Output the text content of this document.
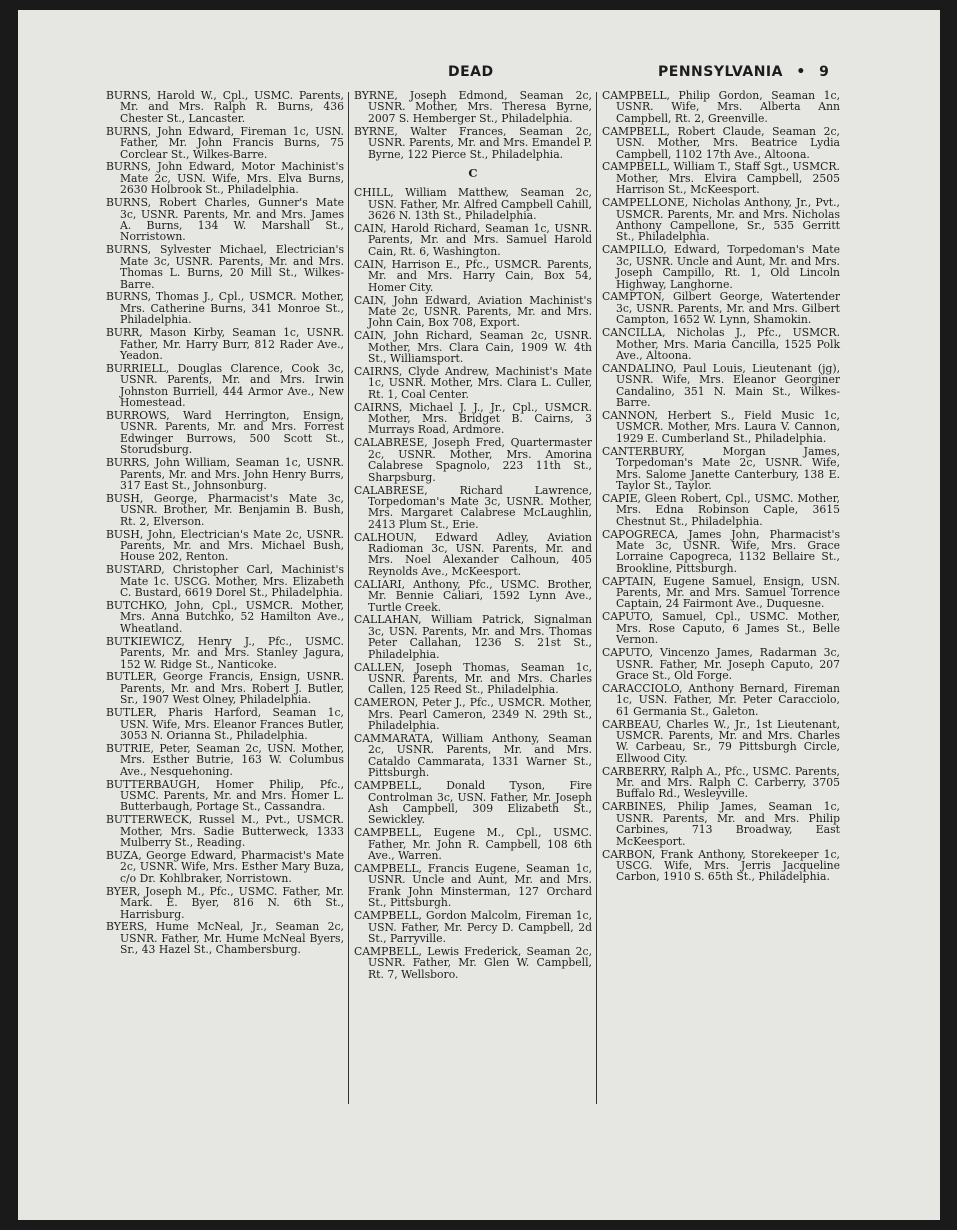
DEAD	PENNSYLVANIA • 9

BURNS, Harold W., Cpl., USMC. Parents, Mr. and Mrs. Ralph R. Burns, 436 Chester St., Lancaster.

BURNS, John Edward, Fireman 1c, USN. Father, Mr. John Francis Burns, 75 Corclear St., Wilkes-Barre.

BURNS, John Edward, Motor Machinist's Mate 2c, USN. Wife, Mrs. Elva Burns, 2630 Holbrook St., Philadelphia.

BURNS, Robert Charles, Gunner's Mate 3c, USNR. Parents, Mr. and Mrs. James A. Burns, 134 W. Marshall St., Norristown.

BURNS, Sylvester Michael, Electrician's Mate 3c, USNR. Parents, Mr. and Mrs. Thomas L. Burns, 20 Mill St., Wilkes-Barre.

BURNS, Thomas J., Cpl., USMCR. Mother, Mrs. Catherine Burns, 341 Monroe St., Philadelphia.

BURR, Mason Kirby, Seaman 1c, USNR. Father, Mr. Harry Burr, 812 Rader Ave., Yeadon.

BURRIELL, Douglas Clarence, Cook 3c, USNR. Parents, Mr. and Mrs. Irwin Johnston Burriell, 444 Armor Ave., New Homestead.

BURROWS, Ward Herrington, Ensign, USNR. Parents, Mr. and Mrs. Forrest Edwinger Burrows, 500 Scott St., Storudsburg.

BURRS, John William, Seaman 1c, USNR. Parents, Mr. and Mrs. John Henry Burrs, 317 East St., Johnsonburg.

BUSH, George, Pharmacist's Mate 3c, USNR. Brother, Mr. Benjamin B. Bush, Rt. 2, Elverson.

BUSH, John, Electrician's Mate 2c, USNR. Parents, Mr. and Mrs. Michael Bush, House 202, Renton.

BUSTARD, Christopher Carl, Machinist's Mate 1c. USCG. Mother, Mrs. Elizabeth C. Bustard, 6619 Dorel St., Philadelphia.

BUTCHKO, John, Cpl., USMCR. Mother, Mrs. Anna Butchko, 52 Hamilton Ave., Wheatland.

BUTKIEWICZ, Henry J., Pfc., USMC. Parents, Mr. and Mrs. Stanley Jagura, 152 W. Ridge St., Nanticoke.

BUTLER, George Francis, Ensign, USNR. Parents, Mr. and Mrs. Robert J. Butler, Sr., 1907 West Olney, Philadelphia.

BUTLER, Pharis Harford, Seaman 1c, USN. Wife, Mrs. Eleanor Frances Butler, 3053 N. Orianna St., Philadelphia.

BUTRIE, Peter, Seaman 2c, USN. Mother, Mrs. Esther Butrie, 163 W. Columbus Ave., Nesquehoning.

BUTTERBAUGH, Homer Philip, Pfc., USMC. Parents, Mr. and Mrs. Homer L. Butterbaugh, Portage St., Cassandra.

BUTTERWECK, Russel M., Pvt., USMCR. Mother, Mrs. Sadie Butterweck, 1333 Mulberry St., Reading.

BUZA, George Edward, Pharmacist's Mate 2c, USNR. Wife, Mrs. Esther Mary Buza, c/o Dr. Kohlbraker, Norristown.

BYER, Joseph M., Pfc., USMC. Father, Mr. Mark. E. Byer, 816 N. 6th St., Harrisburg.

BYERS, Hume McNeal, Jr., Seaman 2c, USNR. Father, Mr. Hume McNeal Byers, Sr., 43 Hazel St., Chambersburg.

BYRNE, Joseph Edmond, Seaman 2c, USNR. Mother, Mrs. Theresa Byrne, 2007 S. Hemberger St., Philadelphia.

BYRNE, Walter Frances, Seaman 2c, USNR. Parents, Mr. and Mrs. Emandel P. Byrne, 122 Pierce St., Philadelphia.

C

CHILL, William Matthew, Seaman 2c, USN. Father, Mr. Alfred Campbell Cahill, 3626 N. 13th St., Philadelphia.

CAIN, Harold Richard, Seaman 1c, USNR. Parents, Mr. and Mrs. Samuel Harold Cain, Rt. 6, Washington.

CAIN, Harrison E., Pfc., USMCR. Parents, Mr. and Mrs. Harry Cain, Box 54, Homer City.

CAIN, John Edward, Aviation Machinist's Mate 2c, USNR. Parents, Mr. and Mrs. John Cain, Box 708, Export.

CAIN, John Richard, Seaman 2c, USNR. Mother, Mrs. Clara Cain, 1909 W. 4th St., Williamsport.

CAIRNS, Clyde Andrew, Machinist's Mate 1c, USNR. Mother, Mrs. Clara L. Culler, Rt. 1, Coal Center.

CAIRNS, Michael J. J., Jr., Cpl., USMCR. Mother, Mrs. Bridget B. Cairns, 3 Murrays Road, Ardmore.

CALABRESE, Joseph Fred, Quartermaster 2c, USNR. Mother, Mrs. Amorina Calabrese Spagnolo, 223 11th St., Sharpsburg.

CALABRESE, Richard Lawrence, Torpedoman's Mate 3c, USNR. Mother, Mrs. Margaret Calabrese McLaughlin, 2413 Plum St., Erie.

CALHOUN, Edward Adley, Aviation Radioman 3c, USN. Parents, Mr. and Mrs. Noel Alexander Calhoun, 405 Reynolds Ave., McKeesport.

CALIARI, Anthony, Pfc., USMC. Brother, Mr. Bennie Caliari, 1592 Lynn Ave., Turtle Creek.

CALLAHAN, William Patrick, Signalman 3c, USN. Parents, Mr. and Mrs. Thomas Peter Callahan, 1236 S. 21st St., Philadelphia.

CALLEN, Joseph Thomas, Seaman 1c, USNR. Parents, Mr. and Mrs. Charles Callen, 125 Reed St., Philadelphia.

CAMERON, Peter J., Pfc., USMCR. Mother, Mrs. Pearl Cameron, 2349 N. 29th St., Philadelphia.

CAMMARATA, William Anthony, Seaman 2c, USNR. Parents, Mr. and Mrs. Cataldo Cammarata, 1331 Warner St., Pittsburgh.

CAMPBELL, Donald Tyson, Fire Controlman 3c, USN. Father, Mr. Joseph Ash Campbell, 309 Elizabeth St., Sewickley.

CAMPBELL, Eugene M., Cpl., USMC. Father, Mr. John R. Campbell, 108 6th Ave., Warren.

CAMPBELL, Francis Eugene, Seaman 1c, USNR. Uncle and Aunt, Mr. and Mrs. Frank John Minsterman, 127 Orchard St., Pittsburgh.

CAMPBELL, Gordon Malcolm, Fireman 1c, USN. Father, Mr. Percy D. Campbell, 2d St., Parryville.

CAMPBELL, Lewis Frederick, Seaman 2c, USNR. Father, Mr. Glen W. Campbell, Rt. 7, Wellsboro.

CAMPBELL, Philip Gordon, Seaman 1c, USNR. Wife, Mrs. Alberta Ann Campbell, Rt. 2, Greenville.

CAMPBELL, Robert Claude, Seaman 2c, USN. Mother, Mrs. Beatrice Lydia Campbell, 1102 17th Ave., Altoona.

CAMPBELL, William T., Staff Sgt., USMCR. Mother, Mrs. Elvira Campbell, 2505 Harrison St., McKeesport.

CAMPELLONE, Nicholas Anthony, Jr., Pvt., USMCR. Parents, Mr. and Mrs. Nicholas Anthony Campellone, Sr., 535 Gerritt St., Philadelphia.

CAMPILLO, Edward, Torpedoman's Mate 3c, USNR. Uncle and Aunt, Mr. and Mrs. Joseph Campillo, Rt. 1, Old Lincoln Highway, Langhorne.

CAMPTON, Gilbert George, Watertender 3c, USNR. Parents, Mr. and Mrs. Gilbert Campton, 1652 W. Lynn, Shamokin.

CANCILLA, Nicholas J., Pfc., USMCR. Mother, Mrs. Maria Cancilla, 1525 Polk Ave., Altoona.

CANDALINO, Paul Louis, Lieutenant (jg), USNR. Wife, Mrs. Eleanor Georginer Candalino, 351 N. Main St., Wilkes-Barre.

CANNON, Herbert S., Field Music 1c, USMCR. Mother, Mrs. Laura V. Cannon, 1929 E. Cumberland St., Philadelphia.

CANTERBURY, Morgan James, Torpedoman's Mate 2c, USNR. Wife, Mrs. Salome Janette Canterbury, 138 E. Taylor St., Taylor.

CAPIE, Gleen Robert, Cpl., USMC. Mother, Mrs. Edna Robinson Caple, 3615 Chestnut St., Philadelphia.

CAPOGRECA, James John, Pharmacist's Mate 3c, USNR. Wife, Mrs. Grace Lorraine Capogreca, 1132 Bellaire St., Brookline, Pittsburgh.

CAPTAIN, Eugene Samuel, Ensign, USN. Parents, Mr. and Mrs. Samuel Torrence Captain, 24 Fairmont Ave., Duquesne.

CAPUTO, Samuel, Cpl., USMC. Mother, Mrs. Rose Caputo, 6 James St., Belle Vernon.

CAPUTO, Vincenzo James, Radarman 3c, USNR. Father, Mr. Joseph Caputo, 207 Grace St., Old Forge.

CARACCIOLO, Anthony Bernard, Fireman 1c, USN. Father, Mr. Peter Caracciolo, 61 Germania St., Galeton.

CARBEAU, Charles W., Jr., 1st Lieutenant, USMCR. Parents, Mr. and Mrs. Charles W. Carbeau, Sr., 79 Pittsburgh Circle, Ellwood City.

CARBERRY, Ralph A., Pfc., USMC. Parents, Mr. and Mrs. Ralph C. Carberry, 3705 Buffalo Rd., Wesleyville.

CARBINES, Philip James, Seaman 1c, USNR. Parents, Mr. and Mrs. Philip Carbines, 713 Broadway, East McKeesport.

CARBON, Frank Anthony, Storekeeper 1c, USCG. Wife, Mrs. Jerris Jacqueline Carbon, 1910 S. 65th St., Philadelphia.
